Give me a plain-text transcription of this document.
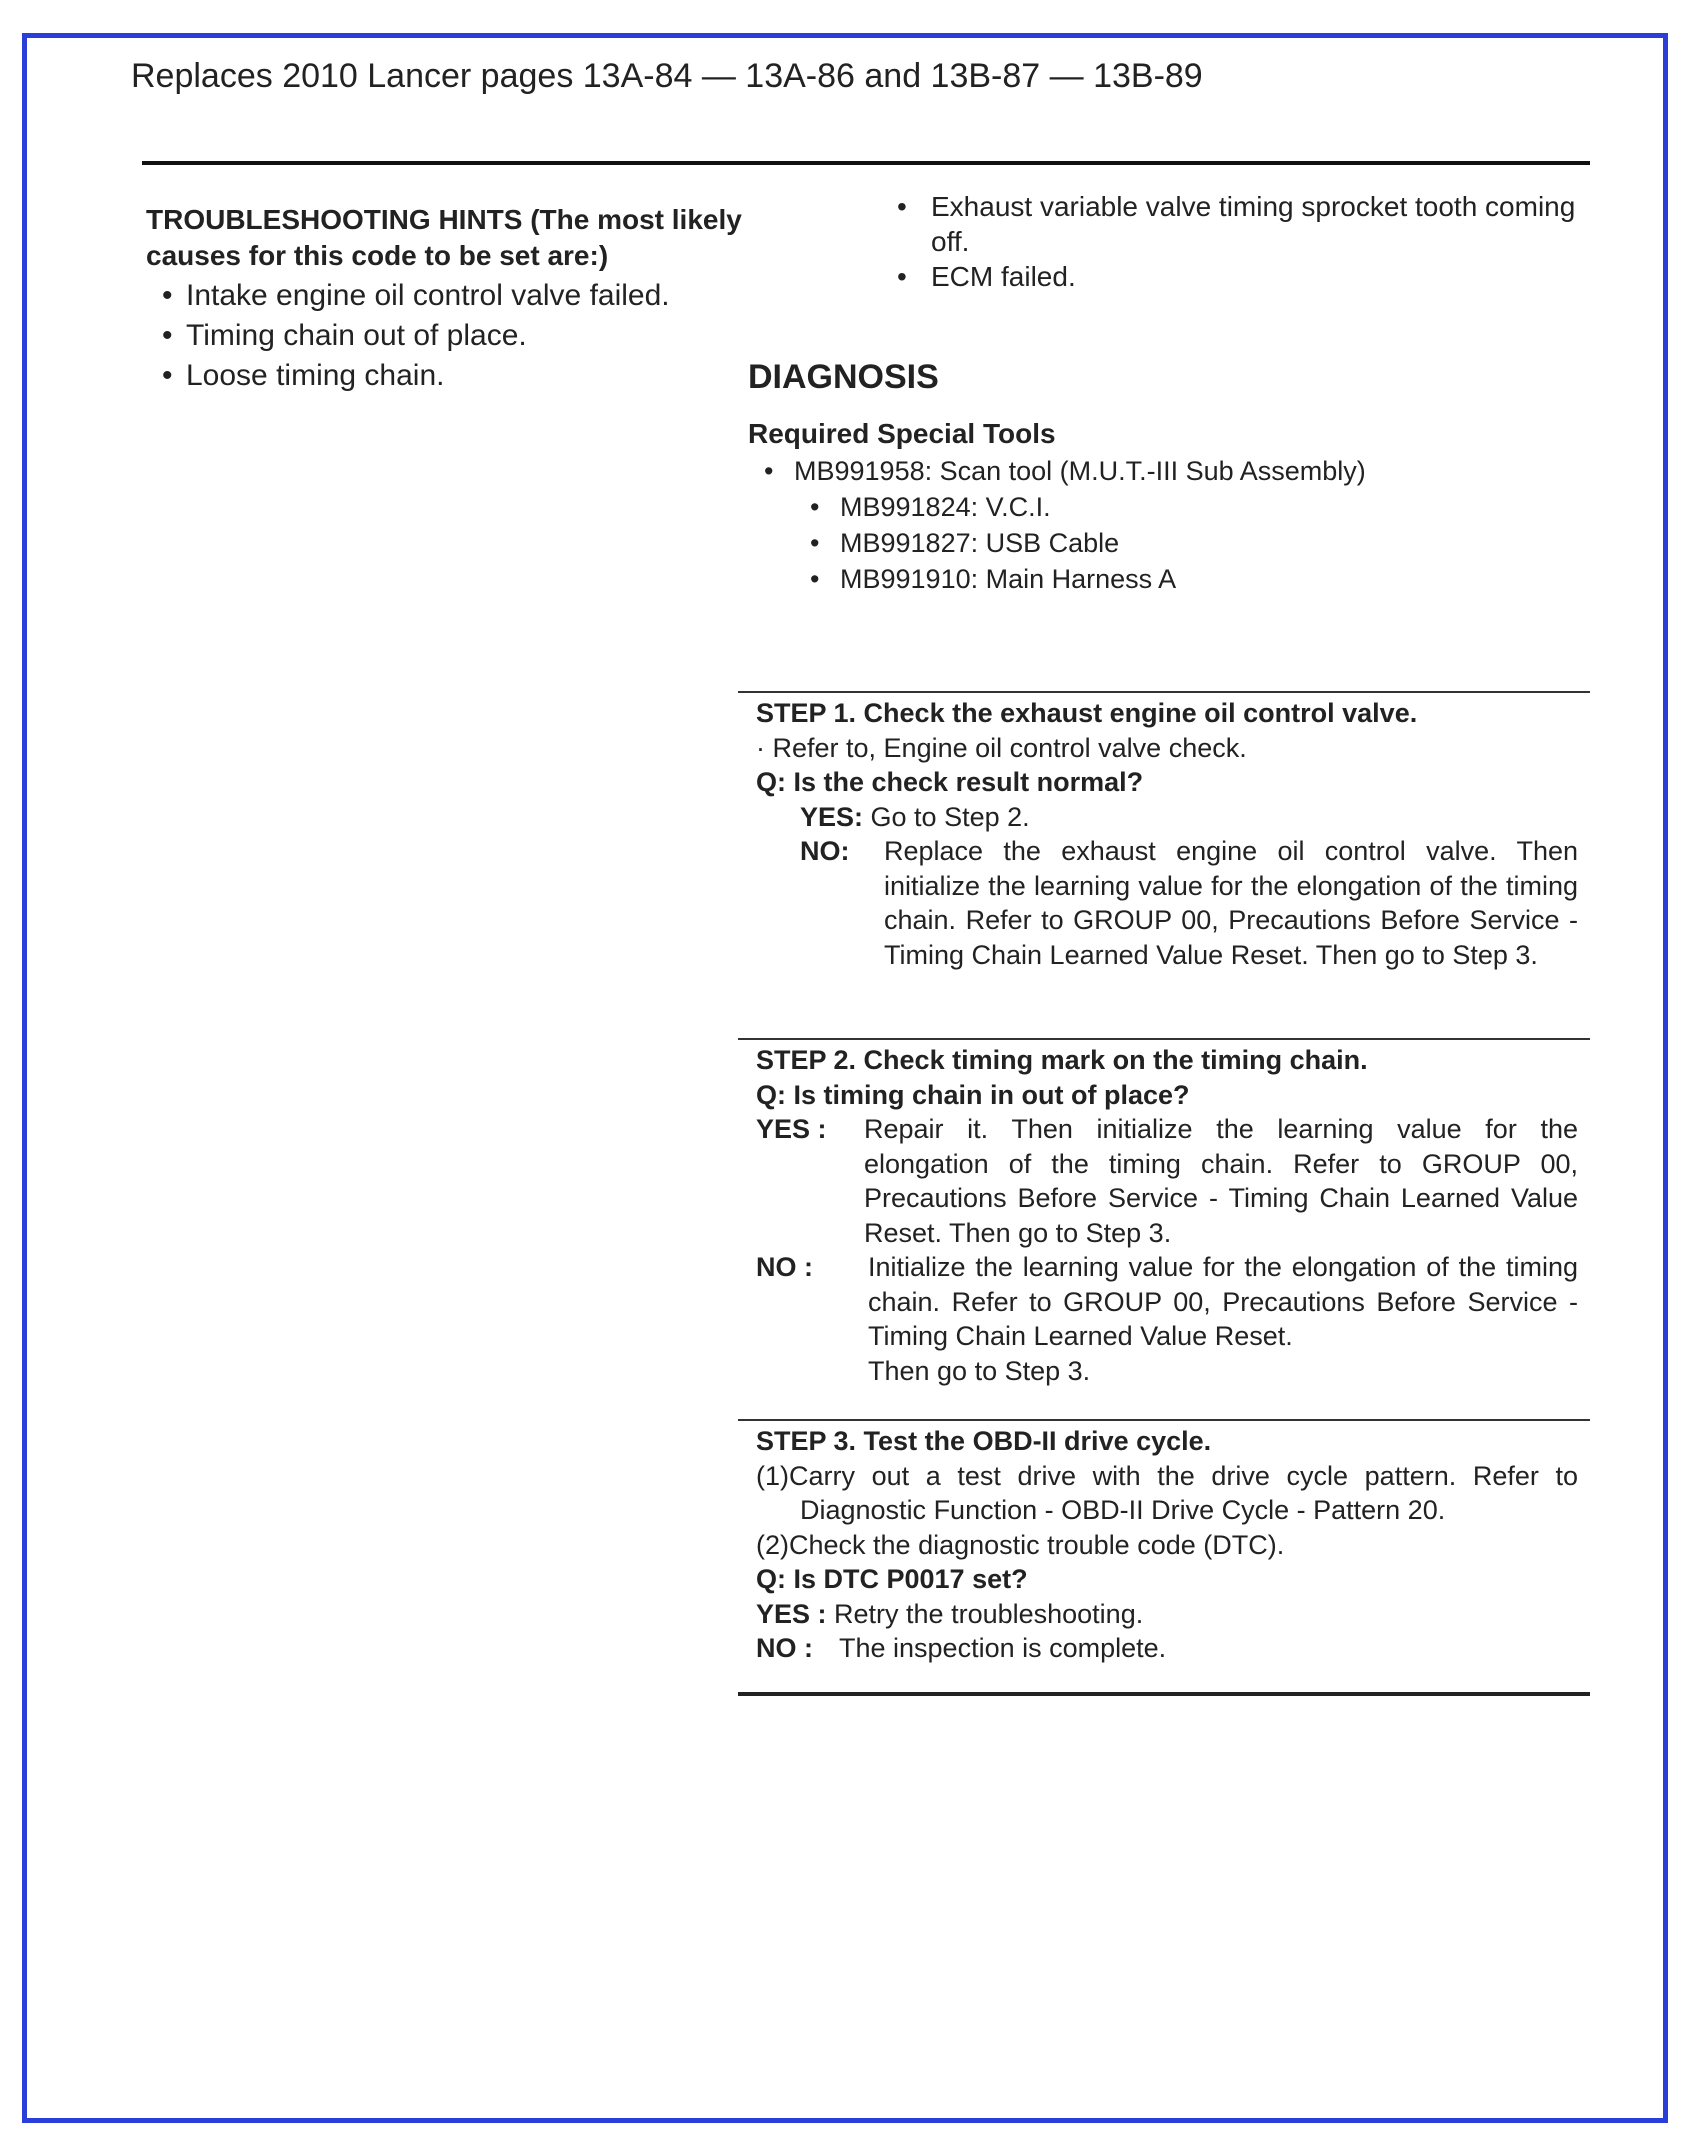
Replaces 2010 Lancer pages 13A-84 — 13A-86 and 13B-87 — 13B-89
TROUBLESHOOTING HINTS (The most likely
causes for this code to be set are:)
• Intake engine oil control valve failed.
• Timing chain out of place.
• Loose timing chain.
• Exhaust variable valve timing sprocket tooth coming off.
• ECM failed.
DIAGNOSIS
Required Special Tools
• MB991958: Scan tool (M.U.T.-III Sub Assembly)
• MB991824: V.C.I.
• MB991827: USB Cable
• MB991910: Main Harness A
STEP 1. Check the exhaust engine oil control valve.
· Refer to, Engine oil control valve check.
Q: Is the check result normal?
YES: Go to Step 2.
NO:	Replace the exhaust engine oil control valve. Then initialize the learning value for the elongation of the timing chain. Refer to GROUP 00, Precautions Before Service - Timing Chain Learned Value Reset. Then go to Step 3.
STEP 2. Check timing mark on the timing chain.
Q: Is timing chain in out of place?
YES :	Repair it. Then initialize the learning value for the elongation of the timing chain. Refer to GROUP 00, Precautions Before Service - Timing Chain Learned Value Reset. Then go to Step 3.
NO :	Initialize the learning value for the elongation of the timing chain. Refer to GROUP 00, Precautions Before Service - Timing Chain Learned Value Reset.
Then go to Step 3.
STEP 3. Test the OBD-II drive cycle.
(1)Carry out a test drive with the drive cycle pattern. Refer to Diagnostic Function - OBD-II Drive Cycle - Pattern 20.
(2)Check the diagnostic trouble code (DTC).
Q: Is DTC P0017 set?
YES : Retry the troubleshooting.
NO : The inspection is complete.
